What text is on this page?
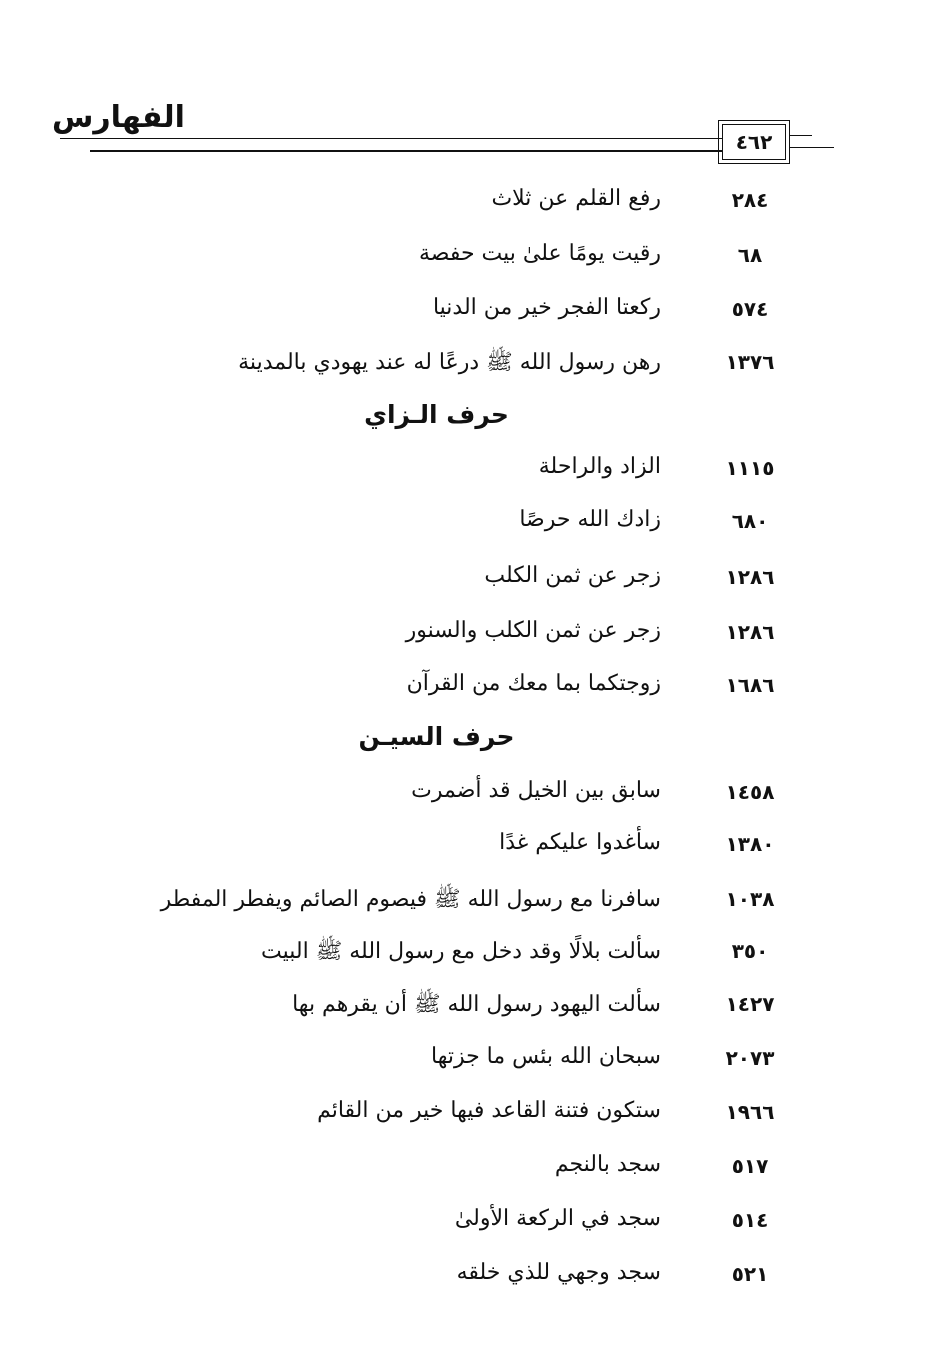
الفهارس
٤٦٢
٢٨٤
رفع القلم عن ثلاث
٦٨
رقيت يومًا علىٰ بيت حفصة
٥٧٤
ركعتا الفجر خير من الدنيا
١٣٧٦
رهن رسول الله ﷺ درعًا له عند يهودي بالمدينة
حرف الـزاي
١١١٥
الزاد والراحلة
٦٨٠
زادك الله حرصًا
١٢٨٦
زجر عن ثمن الكلب
١٢٨٦
زجر عن ثمن الكلب والسنور
١٦٨٦
زوجتكما بما معك من القرآن
حرف السيـن
١٤٥٨
سابق بين الخيل قد أضمرت
١٣٨٠
سأغدوا عليكم غدًا
١٠٣٨
سافرنا مع رسول الله ﷺ فيصوم الصائم ويفطر المفطر
٣٥٠
سألت بلالًا وقد دخل مع رسول الله ﷺ البيت
١٤٢٧
سألت اليهود رسول الله ﷺ أن يقرهم بها
٢٠٧٣
سبحان الله بئس ما جزتها
١٩٦٦
ستكون فتنة القاعد فيها خير من القائم
٥١٧
سجد بالنجم
٥١٤
سجد في الركعة الأولىٰ
٥٢١
سجد وجهي للذي خلقه
